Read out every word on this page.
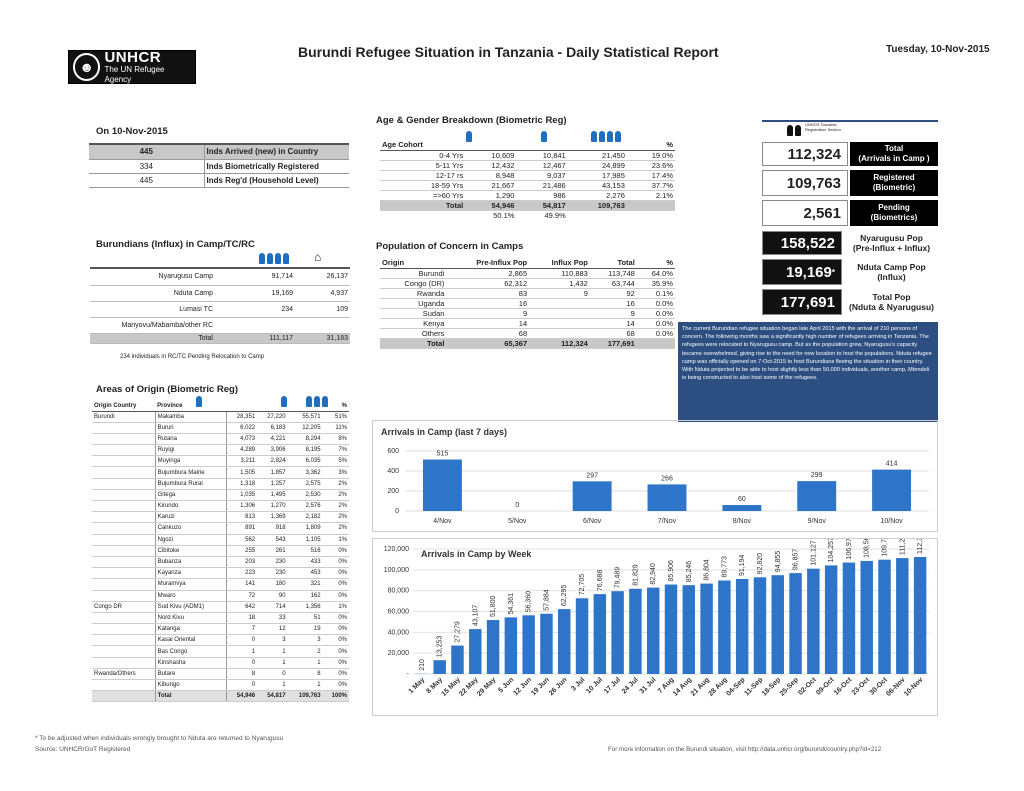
☻
UNHCR
The UN Refugee Agency
Burundi Refugee Situation in Tanzania - Daily Statistical Report	Tuesday, 10-Nov-2015
On 10-Nov-2015
445	Inds Arrived (new) in Country
334	Inds Biometrically Registered
445	Inds Reg'd (Household Level)
Burundians (Influx) in Camp/TC/RC
⌂
Nyarugusu Camp	91,714	26,137
Nduta Camp	19,169	4,937
Lumasi TC	234	109
Manyovu/Mabamba/other RC		
Total	111,117	31,183
234 individuals in RC/TC Pending Relocation to Camp
Age & Gender Breakdown (Biometric Reg)
Age Cohort				%
0-4 Yrs	10,609	10,841	21,450	19.0%
5-11 Yrs	12,432	12,467	24,899	23.6%
12-17 rs	8,948	9,037	17,985	17.4%
18-59 Yrs	21,667	21,486	43,153	37.7%
=>60 Yrs	1,290	986	2,276	2.1%
Total	54,946	54,817	109,763	
	50.1%	49.9%		
Population of Concern in Camps
Origin	Pre-Influx Pop	Influx Pop	Total	%
Burundi	2,865	110,883	113,748	64.0%
Congo (DR)	62,312	1,432	63,744	35.9%
Rwanda	83	9	92	0.1%
Uganda	16		16	0.0%
Sudan	9		9	0.0%
Kenya	14		14	0.0%
Others	68		68	0.0%
Total	65,367	112,324	177,691	
UNHCR Tanzania
Registration Section
112,324	Total
(Arrivals in Camp )
109,763	Registered
(Biometric)
2,561	Pending
(Biometrics)
158,522	Nyarugusu Pop
(Pre-Influx + Influx)
19,169 *	Nduta Camp Pop
(Influx)
177,691	Total Pop
(Nduta & Nyarugusu)
The current Burundian refugee situation began late April 2015 with the arrival of 210 persons of concern. The following months saw a significantly high number of refugees arriving in Tanzania. The refugees were relocated to Nyarugusu camp. But as the population grew, Nyarugusu's capacity became overwhelmed, giving rise to the need for new location to host the populations. Nduta refugee camp was officially opened on 7-Oct-2015 to host Burundians fleeing the situation in their country. With Nduta projected to be able to host slightly less than 50,000 individuals, another camp, Mtendeli is being constructed to also host some of the refugees.
Areas of Origin (Biometric Reg)
Origin Country	Province				%
Burundi	Makamba	28,351	27,220	55,571	51%
	Bururi	6,022	6,183	12,205	11%
	Rutana	4,073	4,221	8,294	8%
	Ruyigi	4,289	3,906	8,195	7%
	Muyinga	3,211	2,824	6,035	5%
	Bujumbura Mairie	1,505	1,857	3,362	3%
	Bujumbura Rural	1,318	1,257	2,575	2%
	Gitega	1,035	1,495	2,530	2%
	Kirundo	1,306	1,270	2,576	2%
	Karuzi	813	1,369	2,182	2%
	Cankuzo	891	918	1,809	2%
	Ngozi	562	543	1,105	1%
	Cibitoke	255	261	516	0%
	Bubanza	203	230	433	0%
	Kayanza	223	230	453	0%
	Muramvya	141	180	321	0%
	Mwaro	72	90	162	0%
Congo DR	Sud Kivu (ADM1)	642	714	1,356	1%
	Nord Kivu	18	33	51	0%
	Katanga	7	12	19	0%
	Kasai Oriental	0	3	3	0%
	Bas Congo	1	1	2	0%
	Kinshasha	0	1	1	0%
Rwanda/Others	Butare	8	0	8	0%
	Kibungo	0	1	1	0%
	Total	54,946	54,817	109,763	100%
Arrivals in Camp (last 7 days)
0
200
400
600	515
4/Nov
0
5/Nov
297
6/Nov
266
7/Nov
60
8/Nov
299
9/Nov
414
10/Nov
Arrivals in Camp by Week
-
20,000
40,000
60,000
80,000
100,000
120,000
210
1 May
13,253
8 May
27,279
15 May
43,107
22 May
51,800
29 May
54,361
5 Jun
56,360
12 Jun
57,884
19 Jun
62,295
26 Jun
72,705
3 Jul
76,688
10 Jul
79,489
17 Jul
81,829
24 Jul
82,940
31 Jul
85,906
7 Aug
85,246
14 Aug
86,804
21 Aug
89,773
28 Aug
91,194
04-Sep
92,820
11-Sep
94,855
18-Sep
96,857
25-Sep
101,127
02-Oct
104,257
09-Oct
106,977
16-Oct
108,566
23-Oct
109,750
30-Oct
111,277
06-Nov
112,324
10-Nov
* To be adjusted when individuals wrongly brought to Nduta are returned to Nyarugusu
Source: UNHCR/GoT Registered	For more information on the Burundi situation, visit http://data.unhcr.org/burundi/country.php?id=212
